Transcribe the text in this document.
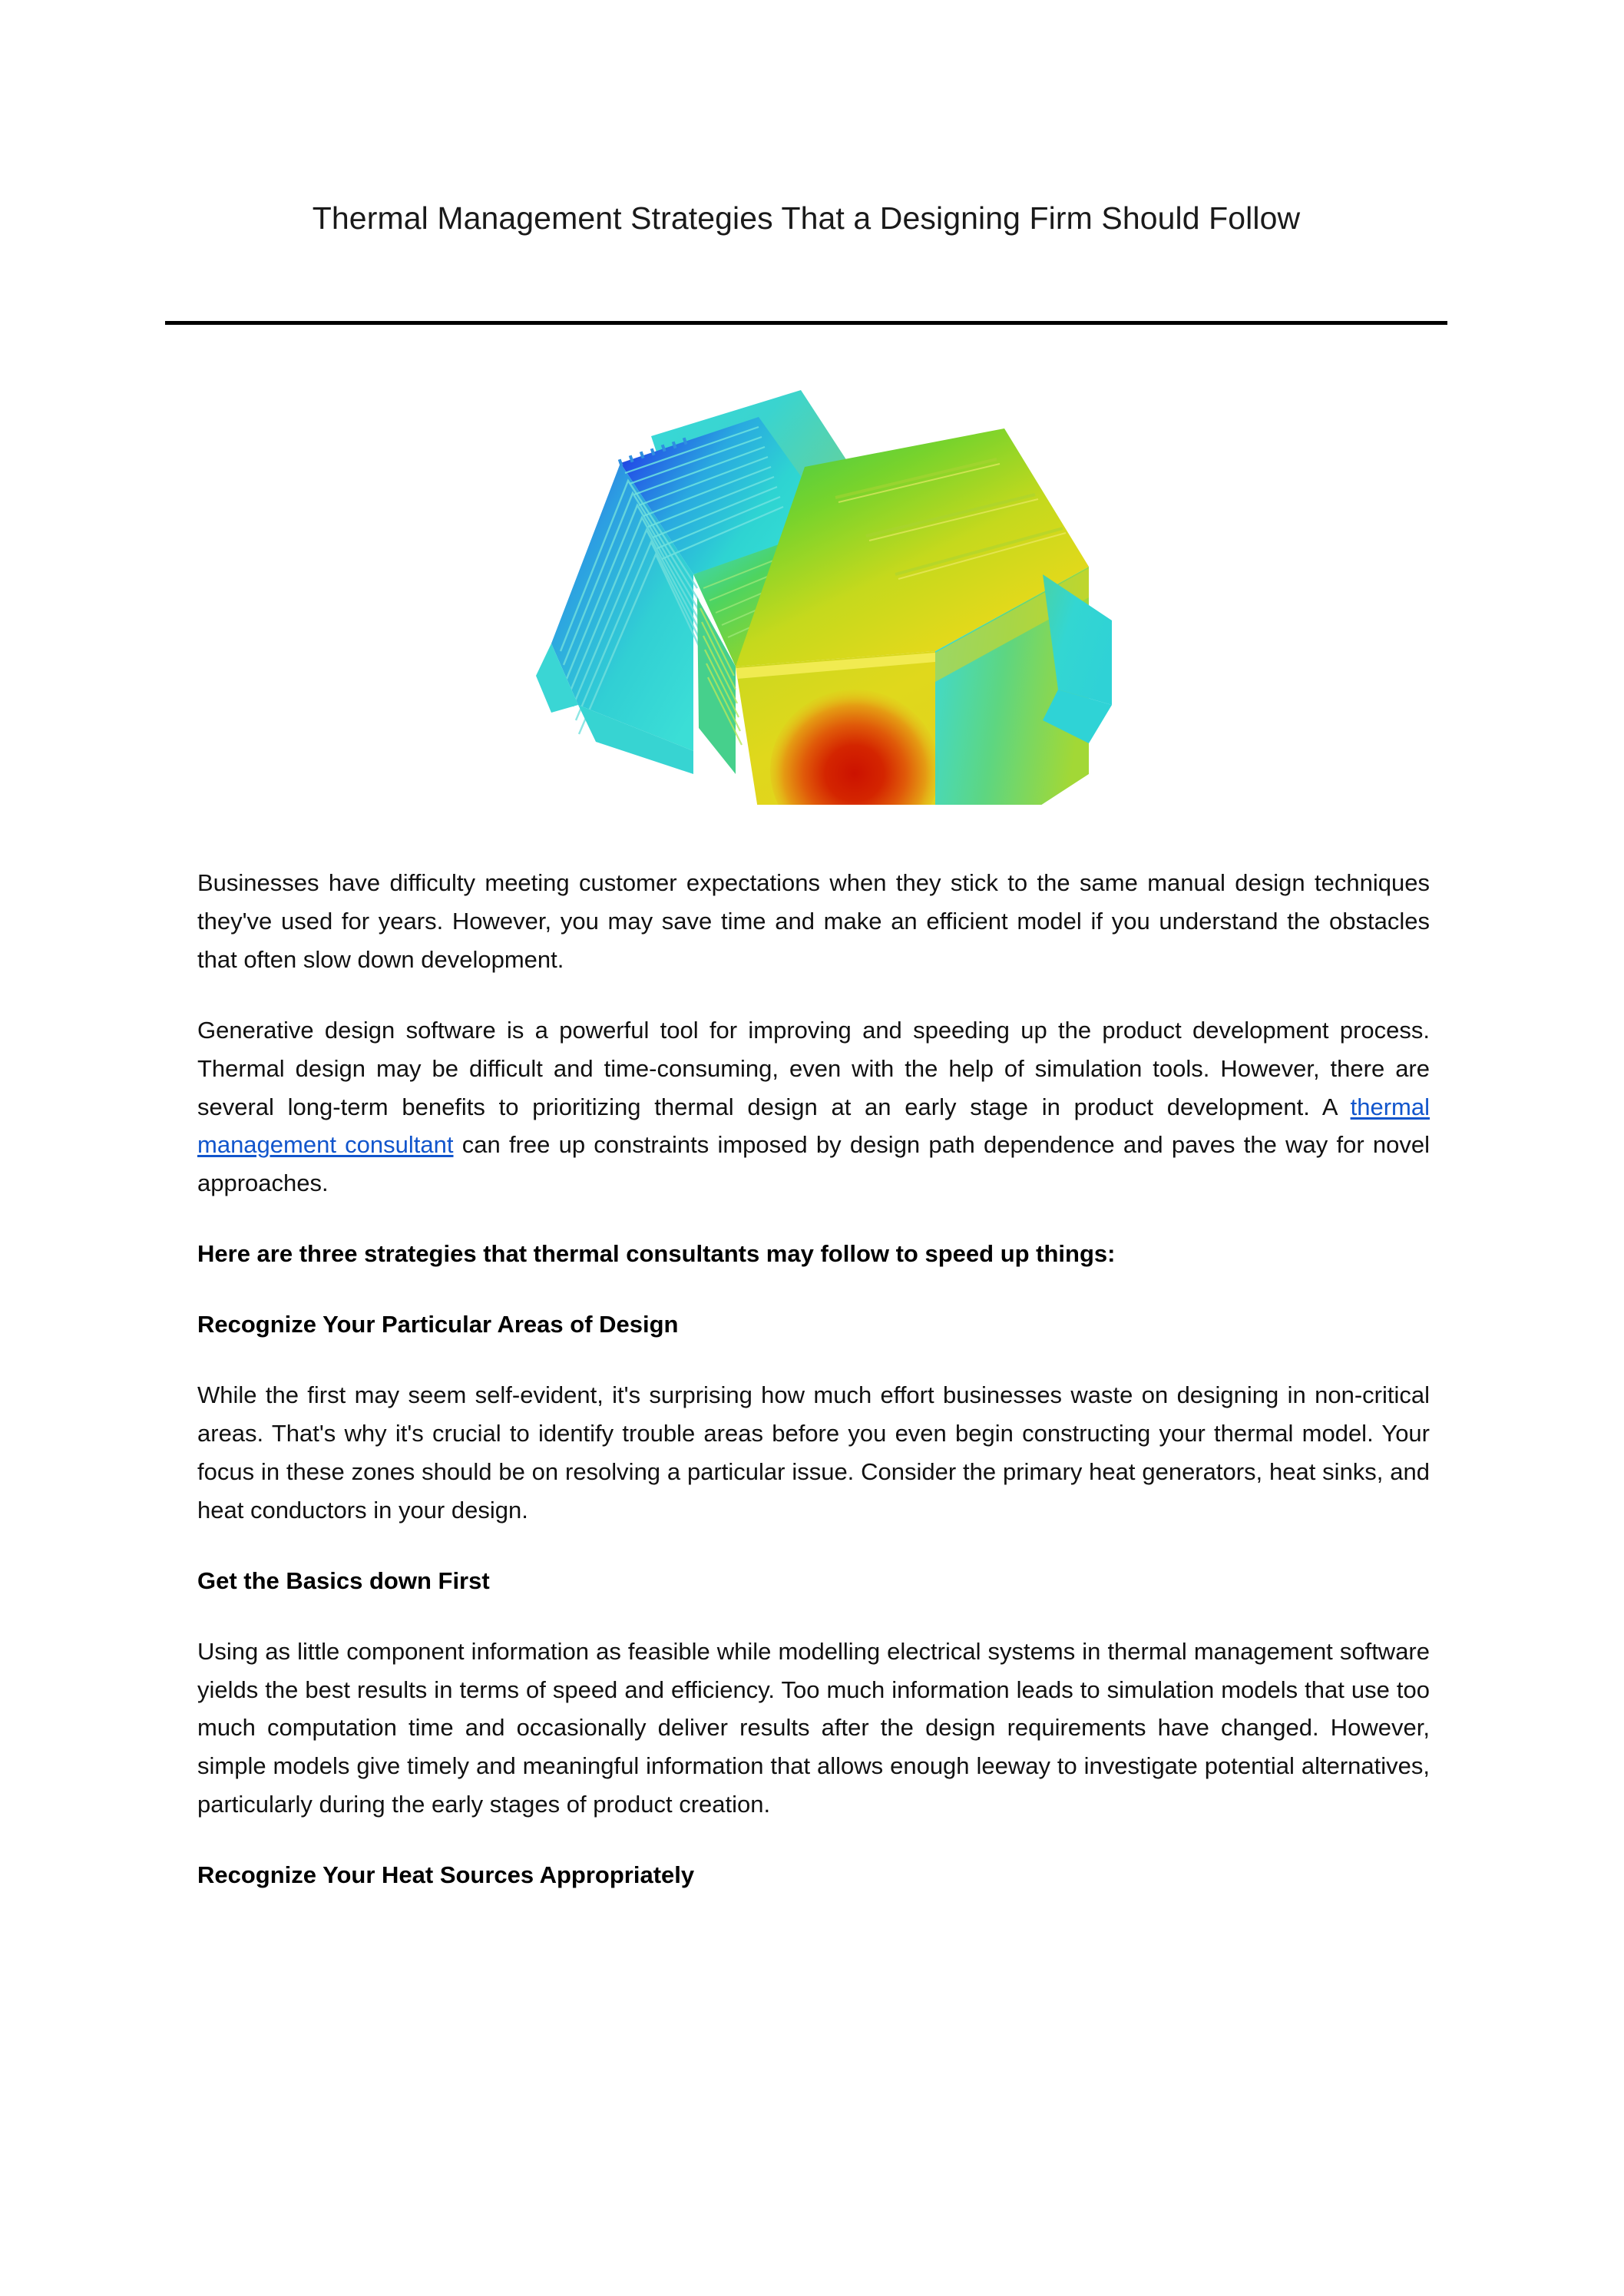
Thermal Management Strategies That a Designing Firm Should Follow

Businesses have difficulty meeting customer expectations when they stick to the same manual design techniques they've used for years. However, you may save time and make an efficient model if you understand the obstacles that often slow down development.

Generative design software is a powerful tool for improving and speeding up the product development process. Thermal design may be difficult and time-consuming, even with the help of simulation tools. However, there are several long-term benefits to prioritizing thermal design at an early stage in product development. A thermal management consultant can free up constraints imposed by design path dependence and paves the way for novel approaches.

Here are three strategies that thermal consultants may follow to speed up things:

Recognize Your Particular Areas of Design

While the first may seem self-evident, it's surprising how much effort businesses waste on designing in non-critical areas. That's why it's crucial to identify trouble areas before you even begin constructing your thermal model. Your focus in these zones should be on resolving a particular issue. Consider the primary heat generators, heat sinks, and heat conductors in your design.

Get the Basics down First

Using as little component information as feasible while modelling electrical systems in thermal management software yields the best results in terms of speed and efficiency. Too much information leads to simulation models that use too much computation time and occasionally deliver results after the design requirements have changed. However, simple models give timely and meaningful information that allows enough leeway to investigate potential alternatives, particularly during the early stages of product creation.

Recognize Your Heat Sources Appropriately
